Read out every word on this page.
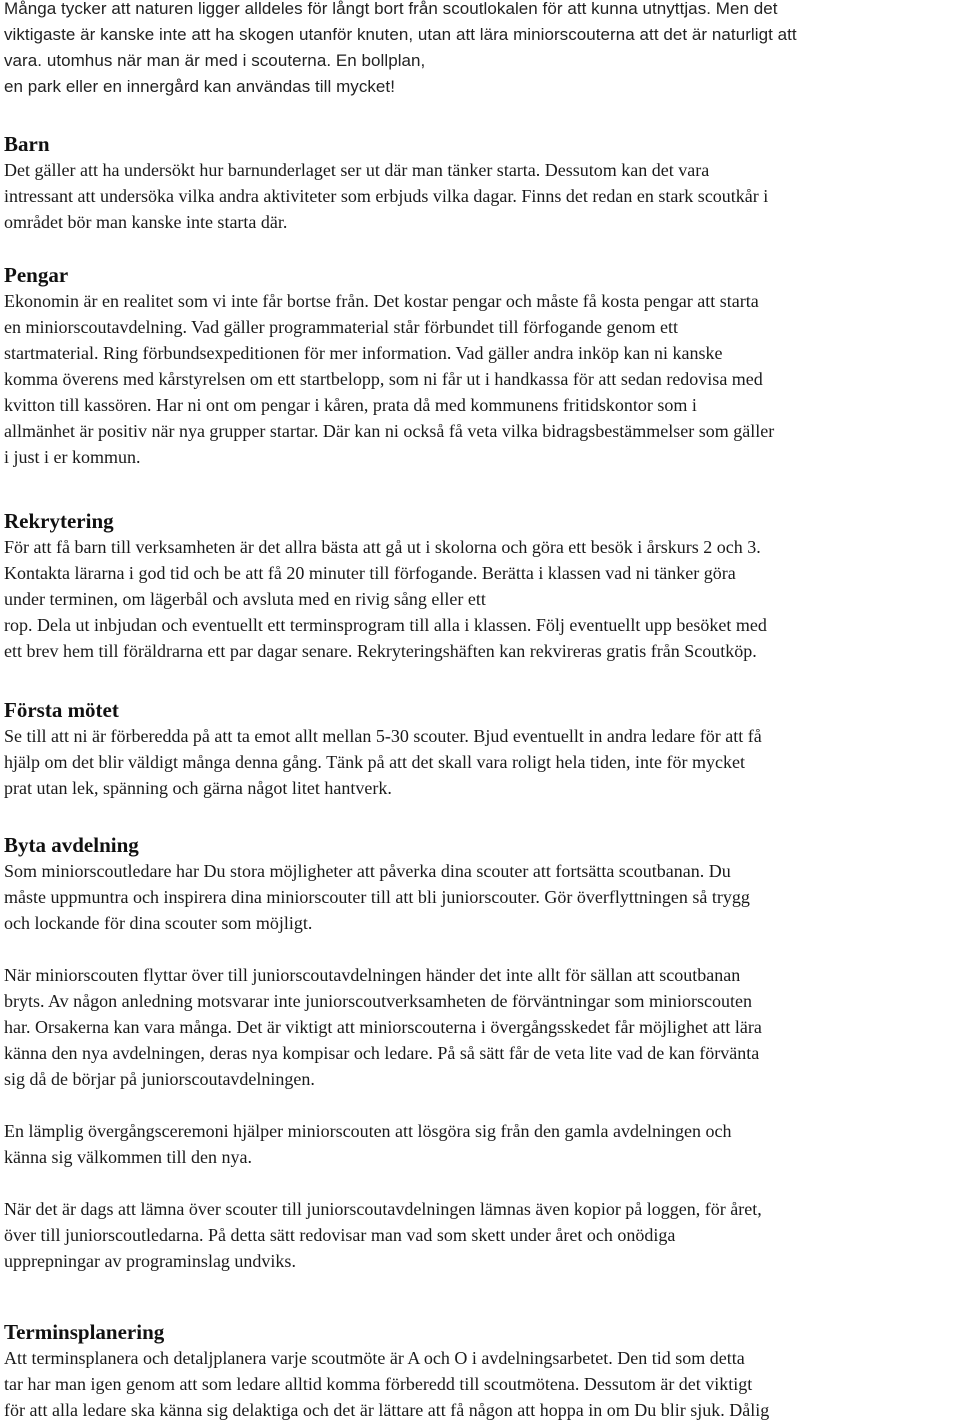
Många tycker att naturen ligger alldeles för långt bort från scoutlokalen för att kunna utnyttjas. Men det
viktigaste är kanske inte att ha skogen utanför knuten, utan att lära miniorscouterna att det är naturligt att
vara. utomhus när man är med i scouterna. En bollplan,
en park eller en innergård kan användas till mycket!
Barn
Det gäller att ha undersökt hur barnunderlaget ser ut där man tänker starta. Dessutom kan det vara
intressant att undersöka vilka andra aktiviteter som erbjuds vilka dagar. Finns det redan en stark scoutkår i
området bör man kanske inte starta där.
Pengar
Ekonomin är en realitet som vi inte får bortse från. Det kostar pengar och måste få kosta pengar att starta
en miniorscoutavdelning. Vad gäller programmaterial står förbundet till förfogande genom ett
startmaterial. Ring förbundsexpeditionen för mer information. Vad gäller andra inköp kan ni kanske
komma överens med kårstyrelsen om ett startbelopp, som ni får ut i handkassa för att sedan redovisa med
kvitton till kassören. Har ni ont om pengar i kåren, prata då med kommunens fritidskontor som i
allmänhet är positiv när nya grupper startar. Där kan ni också få veta vilka bidragsbestämmelser som gäller
i just i er kommun.
Rekrytering
För att få barn till verksamheten är det allra bästa att gå ut i skolorna och göra ett besök i årskurs 2 och 3.
Kontakta lärarna i god tid och be att få 20 minuter till förfogande. Berätta i klassen vad ni tänker göra
under terminen, om lägerbål och avsluta med en rivig sång eller ett
rop. Dela ut inbjudan och eventuellt ett terminsprogram till alla i klassen. Följ eventuellt upp besöket med
ett brev hem till föräldrarna ett par dagar senare. Rekryteringshäften kan rekvireras gratis från Scoutköp.
Första mötet
Se till att ni är förberedda på att ta emot allt mellan 5-30 scouter. Bjud eventuellt in andra ledare för att få
hjälp om det blir väldigt många denna gång. Tänk på att det skall vara roligt hela tiden, inte för mycket
prat utan lek, spänning och gärna något litet hantverk.
Byta avdelning
Som miniorscoutledare har Du stora möjligheter att påverka dina scouter att fortsätta scoutbanan. Du
måste uppmuntra och inspirera dina miniorscouter till att bli juniorscouter. Gör överflyttningen så trygg
och lockande för dina scouter som möjligt.
När miniorscouten flyttar över till juniorscoutavdelningen händer det inte allt för sällan att scoutbanan
bryts. Av någon anledning motsvarar inte juniorscoutverksamheten de förväntningar som miniorscouten
har. Orsakerna kan vara många. Det är viktigt att miniorscouterna i övergångsskedet får möjlighet att lära
känna den nya avdelningen, deras nya kompisar och ledare. På så sätt får de veta lite vad de kan förvänta
sig då de börjar på juniorscoutavdelningen.
En lämplig övergångsceremoni hjälper miniorscouten att lösgöra sig från den gamla avdelningen och
känna sig välkommen till den nya.
När det är dags att lämna över scouter till juniorscoutavdelningen lämnas även kopior på loggen, för året,
över till juniorscoutledarna. På detta sätt redovisar man vad som skett under året och onödiga
upprepningar av programinslag undviks.
Terminsplanering
Att terminsplanera och detaljplanera varje scoutmöte är A och O i avdelningsarbetet. Den tid som detta
tar har man igen genom att som ledare alltid komma förberedd till scoutmötena. Dessutom är det viktigt
för att alla ledare ska känna sig delaktiga och det är lättare att få någon att hoppa in om Du blir sjuk. Dålig
